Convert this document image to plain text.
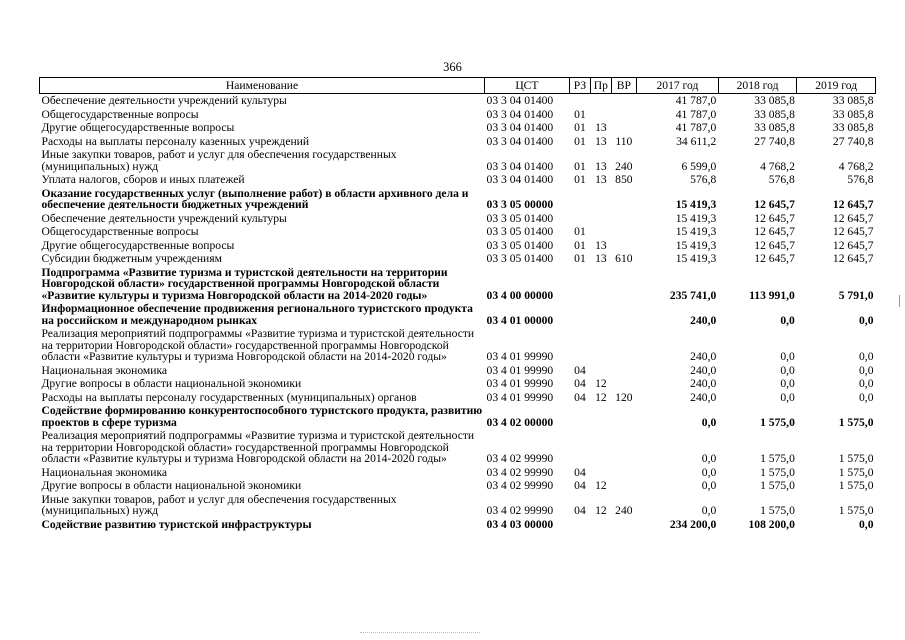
366
Наименование	ЦСТ	РЗ	Пр	ВР	2017 год	2018 год	2019 год
Обеспечение деятельности учреждений культуры	03 3 04 01400				41 787,0	33 085,8	33 085,8
Общегосударственные вопросы	03 3 04 01400	01			41 787,0	33 085,8	33 085,8
Другие общегосударственные вопросы	03 3 04 01400	01	13		41 787,0	33 085,8	33 085,8
Расходы на выплаты персоналу казенных учреждений	03 3 04 01400	01	13	110	34 611,2	27 740,8	27 740,8
Иные закупки товаров, работ и услуг для обеспечения государственных (муниципальных) нужд	03 3 04 01400	01	13	240	6 599,0	4 768,2	4 768,2
Уплата налогов, сборов и иных платежей	03 3 04 01400	01	13	850	576,8	576,8	576,8
Оказание государственных услуг (выполнение работ) в области архивного дела и обеспечение деятельности бюджетных учреждений	03 3 05 00000				15 419,3	12 645,7	12 645,7
Обеспечение деятельности учреждений культуры	03 3 05 01400				15 419,3	12 645,7	12 645,7
Общегосударственные вопросы	03 3 05 01400	01			15 419,3	12 645,7	12 645,7
Другие общегосударственные вопросы	03 3 05 01400	01	13		15 419,3	12 645,7	12 645,7
Субсидии бюджетным учреждениям	03 3 05 01400	01	13	610	15 419,3	12 645,7	12 645,7
Подпрограмма «Развитие туризма и туристской деятельности на территории Новгородской области» государственной программы Новгородской области «Развитие культуры и туризма Новгородской области на 2014-2020 годы»	03 4 00 00000				235 741,0	113 991,0	5 791,0
Информационное обеспечение продвижения регионального туристского продукта на российском и международном рынках	03 4 01 00000				240,0	0,0	0,0
Реализация мероприятий подпрограммы «Развитие туризма и туристской деятельности на территории Новгородской области» государственной программы Новгородской области «Развитие культуры и туризма Новгородской области на 2014-2020 годы»	03 4 01 99990				240,0	0,0	0,0
Национальная экономика	03 4 01 99990	04			240,0	0,0	0,0
Другие вопросы в области национальной экономики	03 4 01 99990	04	12		240,0	0,0	0,0
Расходы на выплаты персоналу государственных (муниципальных) органов	03 4 01 99990	04	12	120	240,0	0,0	0,0
Содействие формированию конкурентоспособного туристского продукта, развитию проектов в сфере туризма	03 4 02 00000				0,0	1 575,0	1 575,0
Реализация мероприятий подпрограммы «Развитие туризма и туристской деятельности на территории Новгородской области» государственной программы Новгородской области «Развитие культуры и туризма Новгородской области на 2014-2020 годы»	03 4 02 99990				0,0	1 575,0	1 575,0
Национальная экономика	03 4 02 99990	04			0,0	1 575,0	1 575,0
Другие вопросы в области национальной экономики	03 4 02 99990	04	12		0,0	1 575,0	1 575,0
Иные закупки товаров, работ и услуг для обеспечения государственных (муниципальных) нужд	03 4 02 99990	04	12	240	0,0	1 575,0	1 575,0
Содействие развитию туристской инфраструктуры	03 4 03 00000				234 200,0	108 200,0	0,0
